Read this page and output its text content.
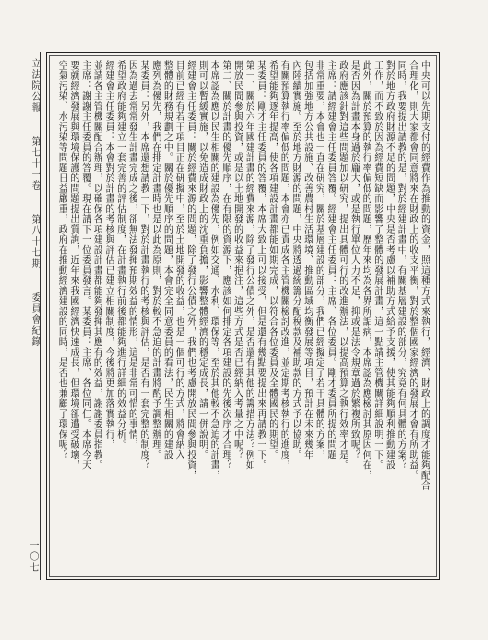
中央可以先期支付的經費作為推動的資金，照這種方式來執行，經濟、財政上的調度才能夠配合
合理化，則大家都會同意將來在財政上的收支平衡，對於整個國家經濟的發展才會有所助益。
同時，我要提出請教的是，對於經建計畫中，有關基層建設的部分，究竟有何具體的方案？
對於地方政府財源不足的問題，中央是否考慮以補助方式給予支援，使其能夠順利推動建設
工作，而不致於因為經費短缺而影響了整體的發展計畫，這一點請主管機關詳細說明一下。
此外，關於預算的執行率偏低的問題，歷年來均為各界所詬病，本席認為應檢討其原因何在，
是否因為計畫本身過於龐大，或是執行單位人力不足，抑或是法令規章過於繁複所致呢？
政府應該針對這些問題加以研究，提出具體可行的改進辦法，以提高預算之執行效率才是。
主席：請經建會主任委員答覆。經建會主任委員：主席、各位委員。剛才委員所提的問題
非常重要，本會也一直在研究，關於基層建設的部分，我們已經擬定了若干具體的方案，
包括加強地方公共設施、改善農村生活環境、推動區域均衡發展等項目，預計在未來幾年
內陸續實施。至於地方財源的問題，中央將透過統籌分配稅款及補助款的方式予以協助。
有關預算執行率偏低的問題，本會亦已責成各主管機關檢討改進，並定期考核執行的進度，
希望能夠逐年提高，使各項建設計畫都能如期完成，以符合各位委員及全體國民的期望。
某委員：剛才主任委員的答覆，本席大致上可以接受，但是還有幾點要提出來再請教一下。
第一、關於六年國建計畫的經費來源，除了發行公債之外，是否還有其他的籌措方法？例如
開放民間參與投資，或是以土地開發的收益來挹注，這些方式是否已經納入考量之中呢？
第二、關於計畫的優先順序，在有限的資源下，應該如何排定各項建設的先後次序才合理？
本席認為應以民生相關的建設為優先，例如交通、水利、環保等，至於其他較不急迫的計畫，
則可以暫緩實施，以免造成財政上的沈重負擔，影響整體經濟的穩定成長，請一併說明。
經建會主任委員：關於經費來源的問題，除了發行公債之外，我們也考慮開放民間參與投資，
目前已經有若干項目正在研擬中，至於土地開發的收益，也是一個可行的方式，將會納入
整體的財務規劃之中。關於優先順序的問題，本會完全同意委員的看法，民生相關的建設
應列為優先，我們在排定計畫時也是以此為原則，對於較不急迫的計畫將酌予調整辦理。
某委員：另外，本席還想請教一下，對於計畫執行的考核與評估，是否有一套完整的制度？
因為過去常常發生計畫完成之後，卻無法發揮預期效益的情形，這是非常可惜的事情，
希望政府能夠建立一套完善的評估制度，在計畫執行前後都能夠進行詳細的效益分析。
經建會主任委員：本會對於計畫的考核與評估已建立相關制度，今後將更加落實執行，
並請各主管機關配合辦理，以確保各項建設計畫都能夠發揮其應有的效益，謝謝委員指教。
主席：謝謝主任委員的答覆。現在請下一位委員發言。某委員：主席、各位同仁。本席今天
要就經濟發展與環境保護的問題提出質詢，近年來我國經濟快速成長，但環境卻遭受破壞，
空氣污染、水污染等問題日益嚴重，政府在推動經濟建設的同時，是否也兼顧了環保呢？
立法院公報　 第七十一卷　 第八十七期　 委員會紀錄
一〇七
